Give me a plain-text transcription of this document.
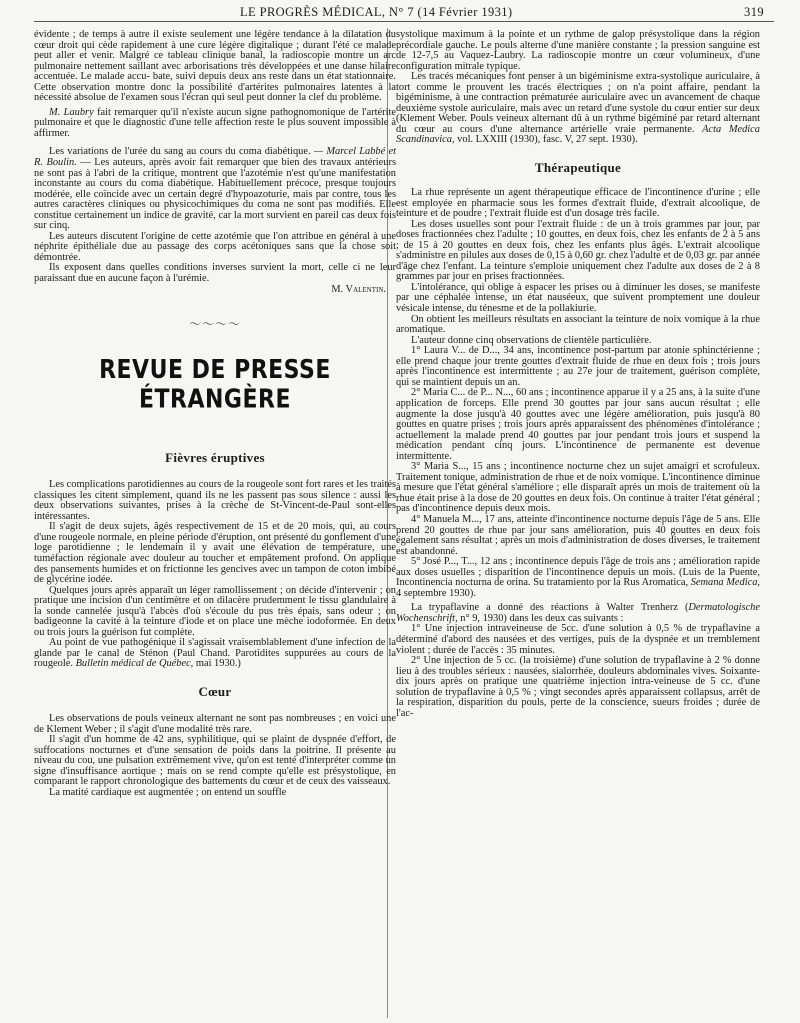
LE PROGRÈS MÉDICAL, N° 7 (14 Février 1931)	319

évidente ; de temps à autre il existe seulement une légère tendance à la dilatation du cœur droit qui cède rapidement à une cure légère digitalique ; durant l'été ce malade peut aller et venir. Malgré ce tableau clinique banal, la radioscopie montre un arc pulmonaire nettement saillant avec arborisations très développées et une danse hilaire accentuée. Le malade accu- bate, suivi depuis deux ans reste dans un état stationnaire. Cette observation montre donc la possibilité d'artérites pulmonaires latentes à la nécessité absolue de l'examen sous l'écran qui seul peut donner la clef du problème.

M. Laubry fait remarquer qu'il n'existe aucun signe pathognomonique de l'artérite pulmonaire et que le diagnostic d'une telle affection reste le plus souvent impossible à affirmer.

Les variations de l'urée du sang au cours du coma diabétique. — Marcel Labbé et R. Boulin. — Les auteurs, après avoir fait remarquer que bien des travaux antérieurs ne sont pas à l'abri de la critique, montrent que l'azotémie n'est qu'une manifestation inconstante au cours du coma diabétique. Habituellement précoce, presque toujours modérée, elle coïncide avec un certain degré d'hypoazoturie, mais par contre, tous les autres caractères cliniques ou physicochimiques du coma ne sont pas modifiés. Elle constitue certainement un indice de gravité, car la mort survient en pareil cas deux fois sur cinq.

Les auteurs discutent l'origine de cette azotémie que l'on attribue en général à une néphrite épithéliale due au passage des corps acétoniques sans que la chose soit démontrée.

Ils exposent dans quelles conditions inverses survient la mort, celle ci ne leur paraissant due en aucune façon à l'urémie.

M. Valentin.
〜〜〜〜
REVUE DE PRESSE ÉTRANGÈRE
Fièvres éruptives

Les complications parotidiennes au cours de la rougeole sont fort rares et les traités classiques les citent simplement, quand ils ne les passent pas sous silence : aussi les deux observations suivantes, prises à la crèche de St-Vincent-de-Paul sont-elles intéressantes.

Il s'agit de deux sujets, âgés respectivement de 15 et de 20 mois, qui, au cours d'une rougeole normale, en pleine période d'éruption, ont présenté du gonflement d'une loge parotidienne ; le lendemain il y avait une élévation de température, une tuméfaction régionale avec douleur au toucher et empâtement profond. On applique des pansements humides et on frictionne les gencives avec un tampon de coton imbibé de glycérine iodée.

Quelques jours après apparaît un léger ramollissement ; on décide d'intervenir ; on pratique une incision d'un centimètre et on dilacère prudemment le tissu glandulaire à la sonde cannelée jusqu'à l'abcès d'où s'écoule du pus très épais, sans odeur ; on badigeonne la cavité à la teinture d'iode et on place une mèche iodoformée. En deux ou trois jours la guérison fut complète.

Au point de vue pathogénique il s'agissait vraisemblablement d'une infection de la glande par le canal de Sténon (Paul Chand. Parotidites suppurées au cours de la rougeole. Bulletin médical de Québec, mai 1930.)

Cœur

Les observations de pouls veineux alternant ne sont pas nombreuses ; en voici une de Klement Weber ; il s'agit d'une modalité très rare.

Il s'agit d'un homme de 42 ans, syphilitique, qui se plaint de dyspnée d'effort, de suffocations nocturnes et d'une sensation de poids dans la poitrine. Il présente au niveau du cou, une pulsation extrêmement vive, qu'on est tenté d'interpréter comme un signe d'insuffisance aortique ; mais on se rend compte qu'elle est présystolique, en comparant le rapport chronologique des battements du cœur et de ceux des vaisseaux.

La matité cardiaque est augmentée ; on entend un souffle

systolique maximum à la pointe et un rythme de galop présystolique dans la région précordiale gauche. Le pouls alterne d'une manière constante ; la pression sanguine est de 12-7,5 au Vaquez-Laubry. La radioscopie montre un cœur volumineux, d'une configuration mitrale typique.

Les tracés mécaniques font penser à un bigéminisme extra-systolique auriculaire, à tort comme le prouvent les tracés électriques ; on n'a point affaire, pendant la bigéminisme, à une contraction prématurée auriculaire avec un avancement de chaque deuxième systole auriculaire, mais avec un retard d'une systole du cœur entier sur deux (Klement Weber. Pouls veineux alternant dû à un rythme bigéminé par retard alternant du cœur au cours d'une alternance artérielle vraie permanente. Acta Medica Scandinavica, vol. LXXIII (1930), fasc. V, 27 sept. 1930).

Thérapeutique

La rhue représente un agent thérapeutique efficace de l'incontinence d'urine ; elle est employée en pharmacie sous les formes d'extrait fluide, d'extrait alcoolique, de teinture et de poudre ; l'extrait fluide est d'un dosage très facile.

Les doses usuelles sont pour l'extrait fluide : de un à trois grammes par jour, par doses fractionnées chez l'adulte ; 10 gouttes, en deux fois, chez les enfants de 2 à 5 ans ; de 15 à 20 gouttes en deux fois, chez les enfants plus âgés. L'extrait alcoolique s'administre en pilules aux doses de 0,15 à 0,60 gr. chez l'adulte et de 0,03 gr. par année d'âge chez l'enfant. La teinture s'emploie uniquement chez l'adulte aux doses de 2 à 8 grammes par jour en prises fractionnées.

L'intolérance, qui oblige à espacer les prises ou à diminuer les doses, se manifeste par une céphalée intense, un état nauséeux, que suivent promptement une douleur vésicale intense, du ténesme et de la pollakiurie.

On obtient les meilleurs résultats en associant la teinture de noix vomique à la rhue aromatique.

L'auteur donne cinq observations de clientèle particulière.

1° Laura V... de D..., 34 ans, incontinence post-partum par atonie sphinctérienne ; elle prend chaque jour trente gouttes d'extrait fluide de rhue en deux fois ; trois jours après l'incontinence est intermittente ; au 27e jour de traitement, guérison complète, qui se maintient depuis un an.

2° Maria C... de P... N..., 60 ans ; incontinence apparue il y a 25 ans, à la suite d'une application de forceps. Elle prend 30 gouttes par jour sans aucun résultat ; elle augmente la dose jusqu'à 40 gouttes avec une légère amélioration, puis jusqu'à 80 gouttes en quatre prises ; trois jours après apparaissent des phénomènes d'intolérance ; actuellement la malade prend 40 gouttes par jour pendant trois jours et suspend la médication pendant cinq jours. L'incontinence de permanente est devenue intermittente.

3° Maria S..., 15 ans ; incontinence nocturne chez un sujet amaigri et scrofuleux. Traitement tonique, administration de rhue et de noix vomique. L'incontinence diminue à mesure que l'état général s'améliore ; elle disparaît après un mois de traitement où la rhue était prise à la dose de 20 gouttes en deux fois. On continue à traiter l'état général ; pas d'incontinence depuis deux mois.

4° Manuela M..., 17 ans, atteinte d'incontinence nocturne depuis l'âge de 5 ans. Elle prend 20 gouttes de rhue par jour sans amélioration, puis 40 gouttes en deux fois également sans résultat ; après un mois d'administration de doses diverses, le traitement est abandonné.

5° José P..., T..., 12 ans ; incontinence depuis l'âge de trois ans ; amélioration rapide aux doses usuelles ; disparition de l'incontinence depuis un mois. (Luis de la Puente, Incontinencia nocturna de orina. Su tratamiento por la Rus Aromatica, Semana Medica, 4 septembre 1930).

La trypaflavine a donné des réactions à Walter Trenherz (Dermatologische Wochenschrift, n° 9, 1930) dans les deux cas suivants :

1° Une injection intraveineuse de 5cc. d'une solution à 0,5 % de trypaflavine a déterminé d'abord des nausées et des vertiges, puis de la dyspnée et un tremblement violent ; durée de l'accès : 35 minutes.

2° Une injection de 5 cc. (la troisième) d'une solution de trypaflavine à 2 % donne lieu à des troubles sérieux : nausées, sialorrhée, douleurs abdominales vives. Soixante-dix jours après on pratique une quatrième injection intra-veineuse de 5 cc. d'une solution de trypaflavine à 0,5 % ; vingt secondes après apparaissent collapsus, arrêt de la respiration, disparition du pouls, perte de la conscience, sueurs froides ; durée de l'ac-
